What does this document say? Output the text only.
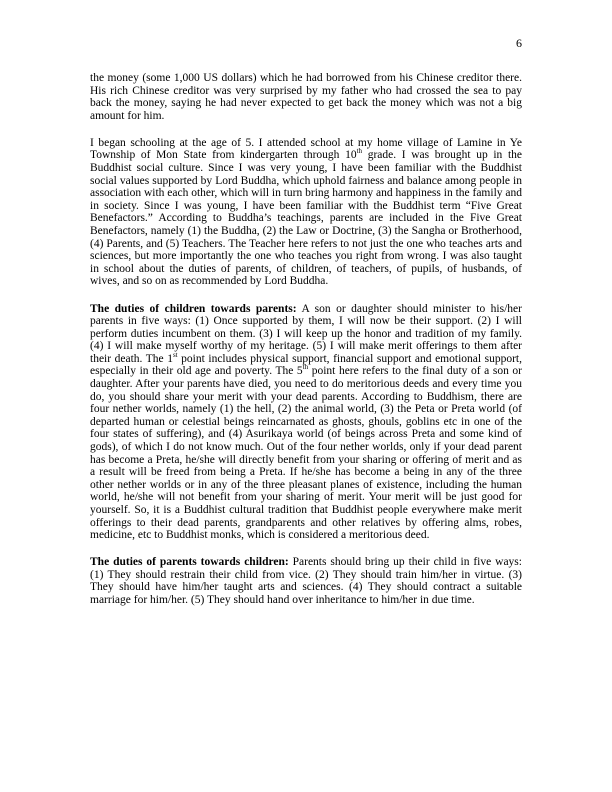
6

the money (some 1,000 US dollars) which he had borrowed from his Chinese creditor there. His rich Chinese creditor was very surprised by my father who had crossed the sea to pay back the money, saying he had never expected to get back the money which was not a big amount for him.

I began schooling at the age of 5. I attended school at my home village of Lamine in Ye Township of Mon State from kindergarten through 10th grade. I was brought up in the Buddhist social culture. Since I was very young, I have been familiar with the Buddhist social values supported by Lord Buddha, which uphold fairness and balance among people in association with each other, which will in turn bring harmony and happiness in the family and in society. Since I was young, I have been familiar with the Buddhist term “Five Great Benefactors.” According to Buddha’s teachings, parents are included in the Five Great Benefactors, namely (1) the Buddha, (2) the Law or Doctrine, (3) the Sangha or Brotherhood, (4) Parents, and (5) Teachers. The Teacher here refers to not just the one who teaches arts and sciences, but more importantly the one who teaches you right from wrong. I was also taught in school about the duties of parents, of children, of teachers, of pupils, of husbands, of wives, and so on as recommended by Lord Buddha.

The duties of children towards parents: A son or daughter should minister to his/her parents in five ways: (1) Once supported by them, I will now be their support. (2) I will perform duties incumbent on them. (3) I will keep up the honor and tradition of my family. (4) I will make myself worthy of my heritage. (5) I will make merit offerings to them after their death. The 1st point includes physical support, financial support and emotional support, especially in their old age and poverty. The 5th point here refers to the final duty of a son or daughter. After your parents have died, you need to do meritorious deeds and every time you do, you should share your merit with your dead parents. According to Buddhism, there are four nether worlds, namely (1) the hell, (2) the animal world, (3) the Peta or Preta world (of departed human or celestial beings reincarnated as ghosts, ghouls, goblins etc in one of the four states of suffering), and (4) Asurikaya world (of beings across Preta and some kind of gods), of which I do not know much. Out of the four nether worlds, only if your dead parent has become a Preta, he/she will directly benefit from your sharing or offering of merit and as a result will be freed from being a Preta. If he/she has become a being in any of the three other nether worlds or in any of the three pleasant planes of existence, including the human world, he/she will not benefit from your sharing of merit. Your merit will be just good for yourself. So, it is a Buddhist cultural tradition that Buddhist people everywhere make merit offerings to their dead parents, grandparents and other relatives by offering alms, robes, medicine, etc to Buddhist monks, which is considered a meritorious deed.

The duties of parents towards children: Parents should bring up their child in five ways: (1) They should restrain their child from vice. (2) They should train him/her in virtue. (3) They should have him/her taught arts and sciences. (4) They should contract a suitable marriage for him/her. (5) They should hand over inheritance to him/her in due time.
